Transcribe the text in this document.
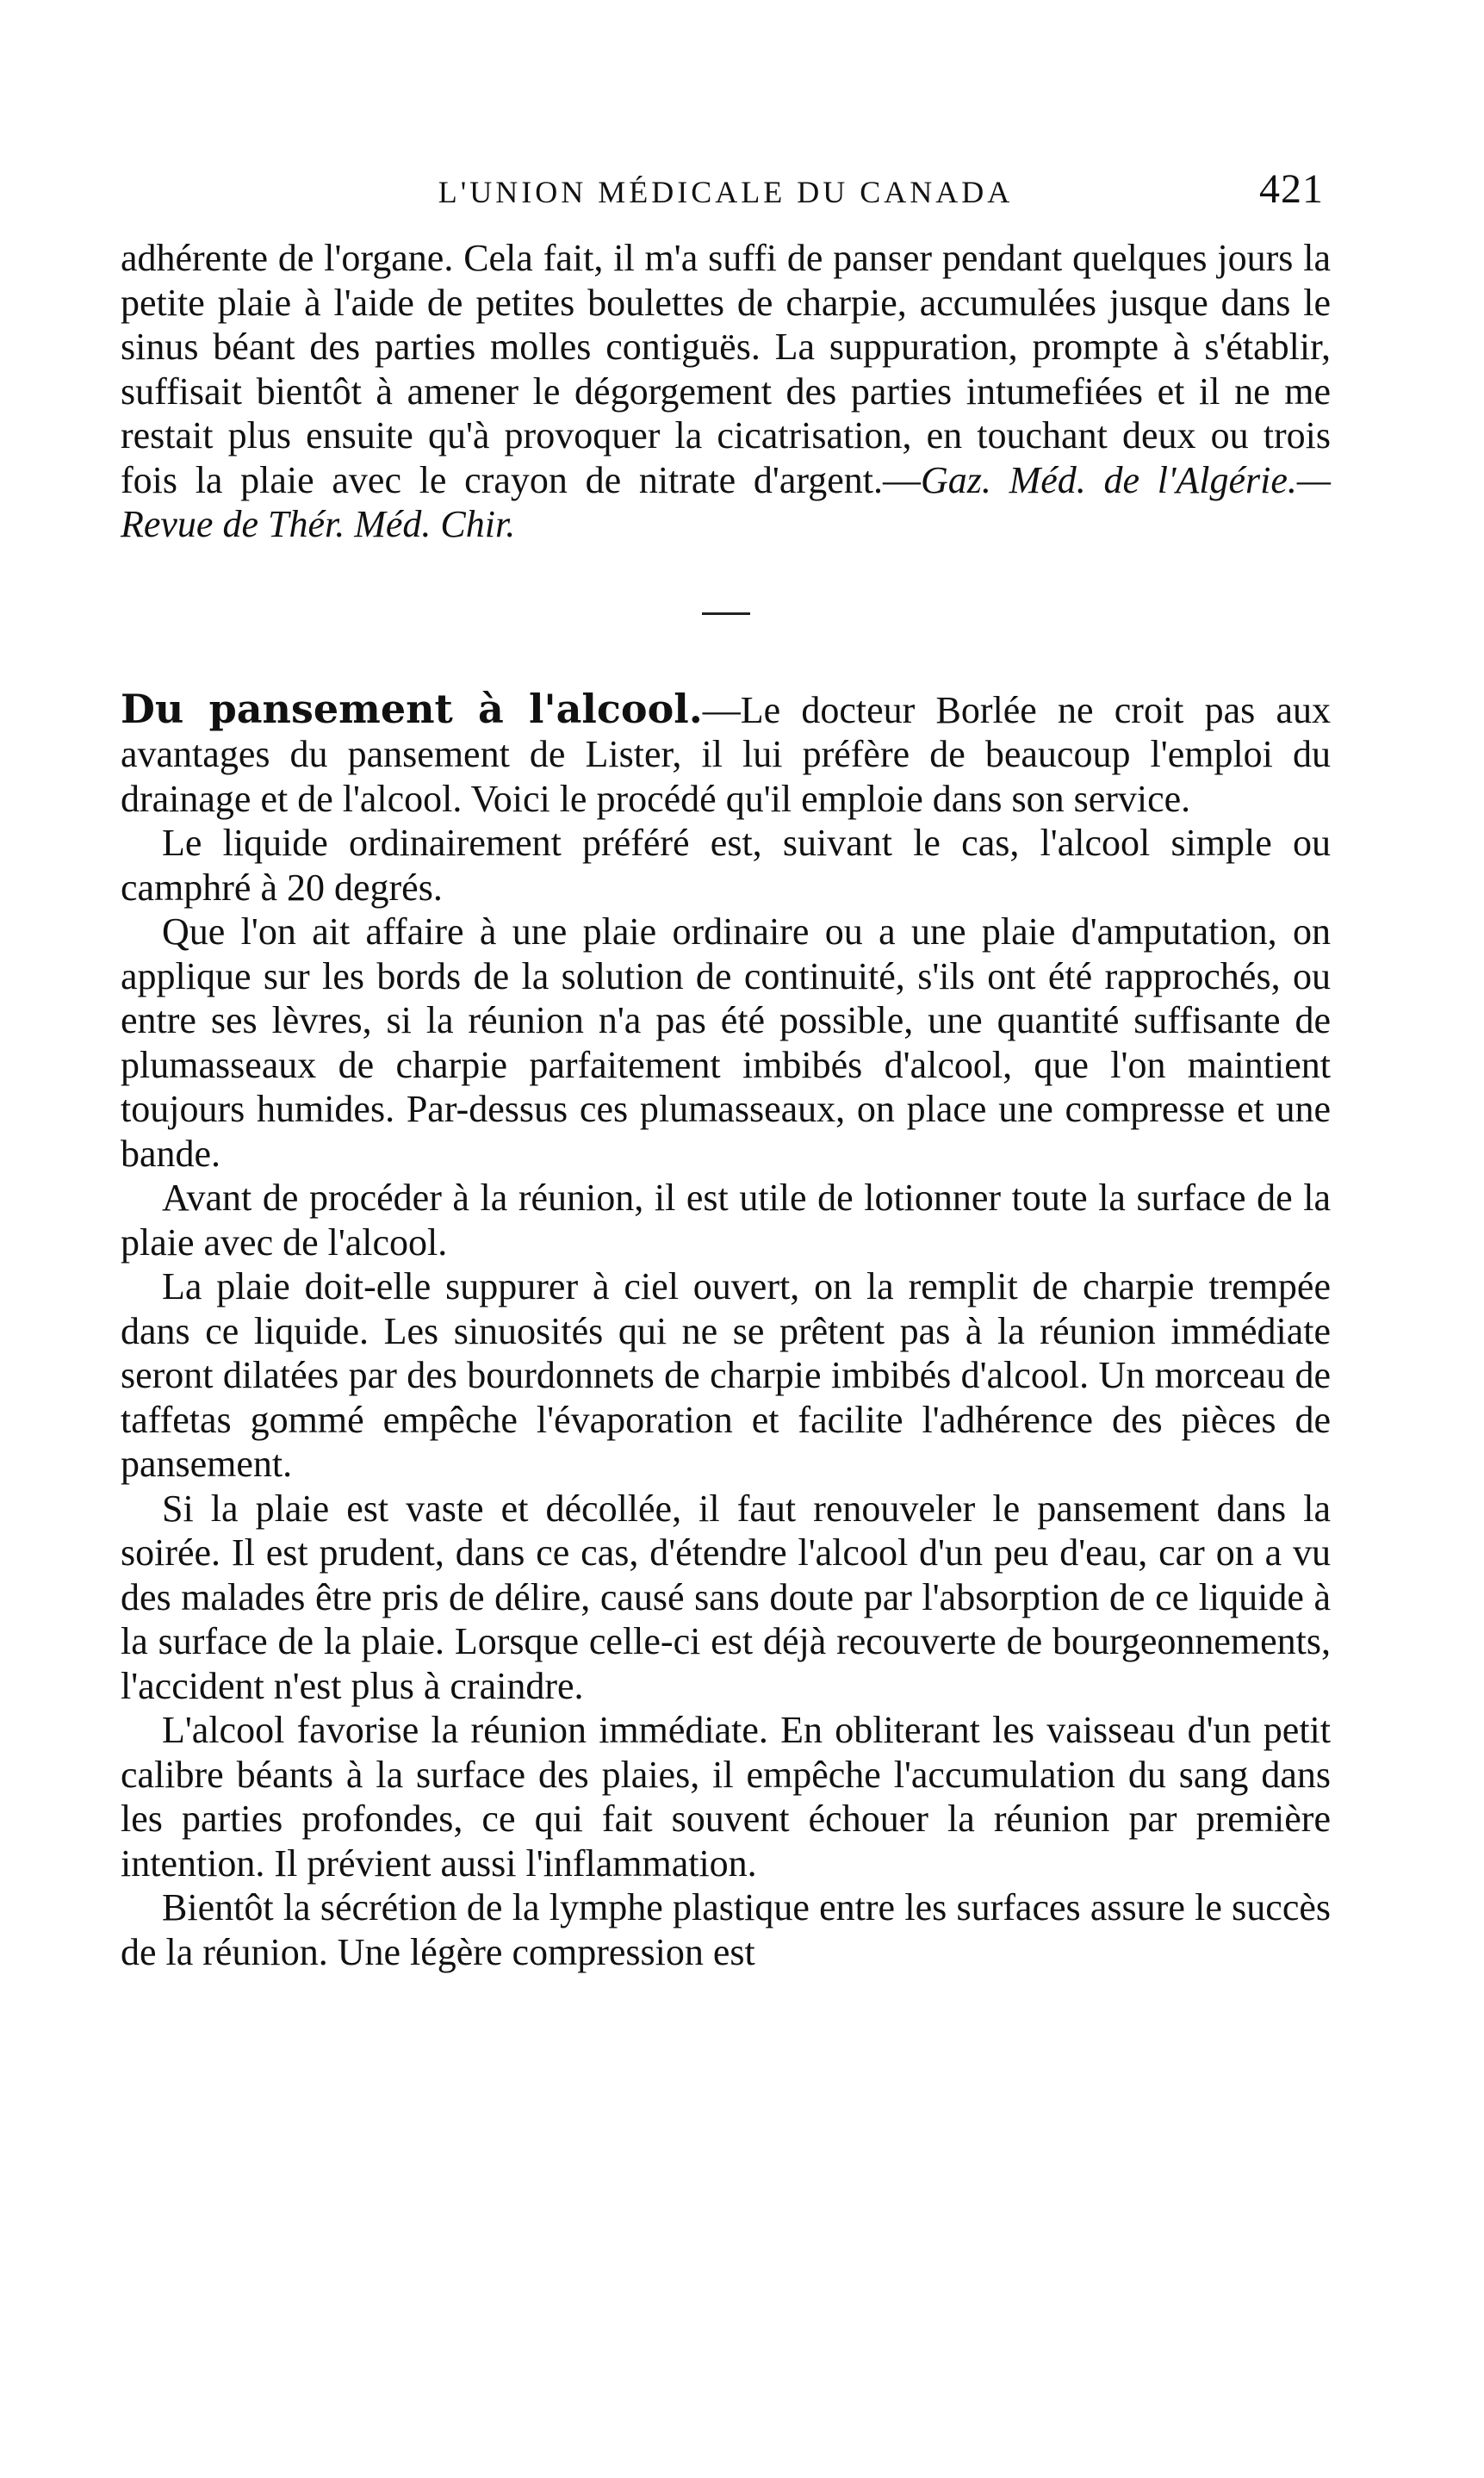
L'UNION MÉDICALE DU CANADA	421

adhérente de l'organe. Cela fait, il m'a suffi de panser pendant quelques jours la petite plaie à l'aide de petites boulettes de charpie, accumulées jusque dans le sinus béant des parties molles contiguës. La suppuration, prompte à s'établir, suffisait bientôt à amener le dégorgement des parties intumefiées et il ne me restait plus ensuite qu'à provoquer la cicatrisation, en touchant deux ou trois fois la plaie avec le crayon de nitrate d'argent.—Gaz. Méd. de l'Algérie.—Revue de Thér. Méd. Chir.

Du pansement à l'alcool.—Le docteur Borlée ne croit pas aux avantages du pansement de Lister, il lui préfère de beaucoup l'emploi du drainage et de l'alcool. Voici le procédé qu'il emploie dans son service.

Le liquide ordinairement préféré est, suivant le cas, l'alcool simple ou camphré à 20 degrés.

Que l'on ait affaire à une plaie ordinaire ou a une plaie d'amputation, on applique sur les bords de la solution de continuité, s'ils ont été rapprochés, ou entre ses lèvres, si la réunion n'a pas été possible, une quantité suffisante de plumasseaux de charpie parfaitement imbibés d'alcool, que l'on maintient toujours humides. Par-dessus ces plumasseaux, on place une compresse et une bande.

Avant de procéder à la réunion, il est utile de lotionner toute la surface de la plaie avec de l'alcool.

La plaie doit-elle suppurer à ciel ouvert, on la remplit de charpie trempée dans ce liquide. Les sinuosités qui ne se prêtent pas à la réunion immédiate seront dilatées par des bourdonnets de charpie imbibés d'alcool. Un morceau de taffetas gommé empêche l'évaporation et facilite l'adhérence des pièces de pansement.

Si la plaie est vaste et décollée, il faut renouveler le pansement dans la soirée. Il est prudent, dans ce cas, d'étendre l'alcool d'un peu d'eau, car on a vu des malades être pris de délire, causé sans doute par l'absorption de ce liquide à la surface de la plaie. Lorsque celle-ci est déjà recouverte de bourgeonnements, l'accident n'est plus à craindre.

L'alcool favorise la réunion immédiate. En obliterant les vaisseau d'un petit calibre béants à la surface des plaies, il empêche l'accumulation du sang dans les parties profondes, ce qui fait souvent échouer la réunion par première intention. Il prévient aussi l'inflammation.

Bientôt la sécrétion de la lymphe plastique entre les surfaces assure le succès de la réunion. Une légère compression est
